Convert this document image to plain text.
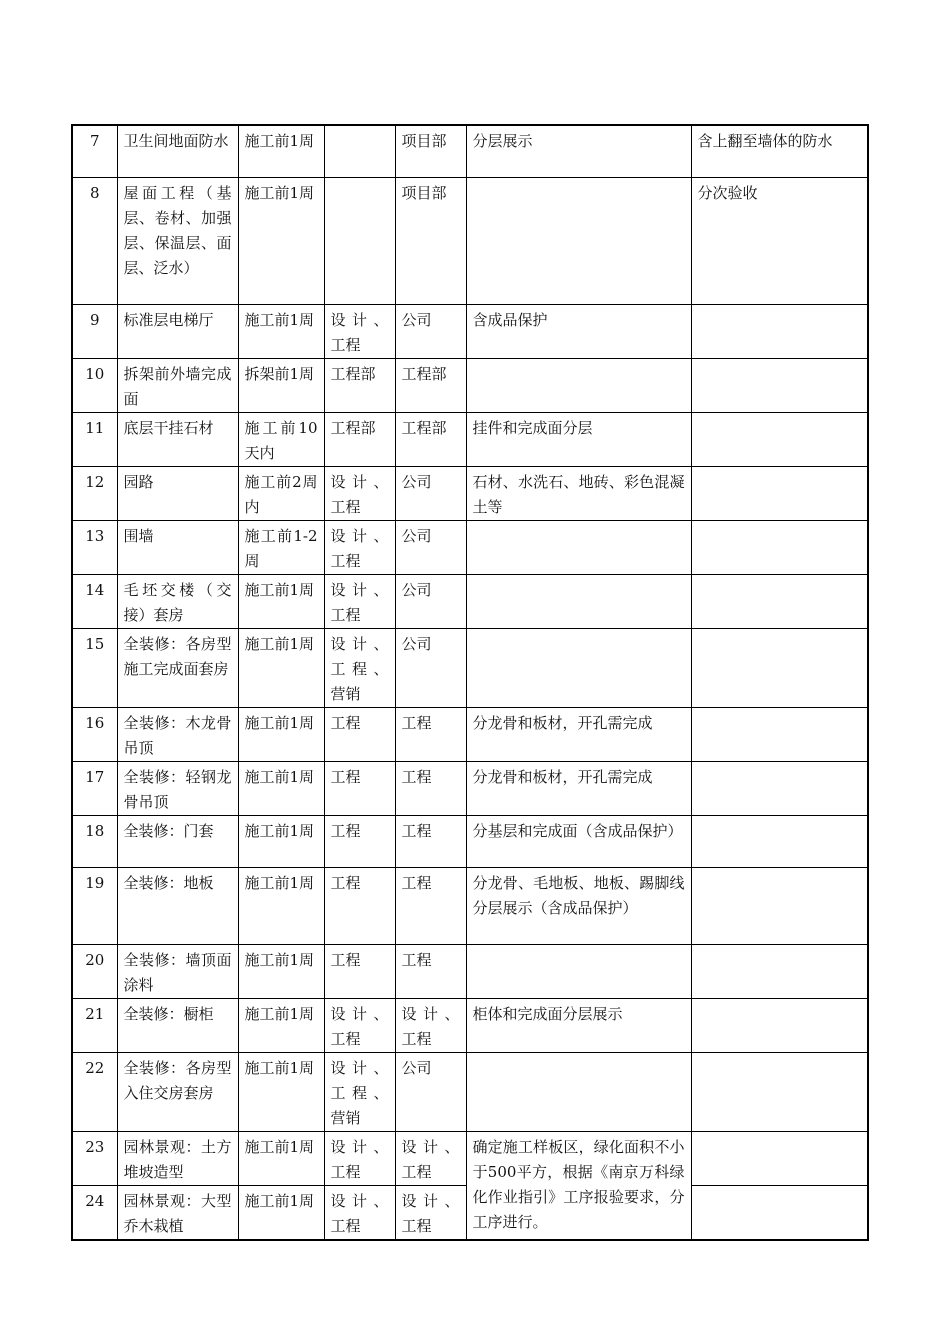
7	卫生间地面防水	施工前1周		项目部	分层展示	含上翻至墙体的防水
8	屋面工程（基层、卷材、加强层、保温层、面层、泛水）	施工前1周		项目部		分次验收
9	标准层电梯厅	施工前1周	设计、工程	公司	含成品保护	
10	拆架前外墙完成面	拆架前1周	工程部	工程部		
11	底层干挂石材	施工前10天内	工程部	工程部	挂件和完成面分层	
12	园路	施工前2周内	设计、工程	公司	石材、水洗石、地砖、彩色混凝土等	
13	围墙	施工前1-2周	设计、工程	公司		
14	毛坯交楼（交接）套房	施工前1周	设计、工程	公司		
15	全装修：各房型施工完成面套房	施工前1周	设计、工程、营销	公司		
16	全装修：木龙骨吊顶	施工前1周	工程	工程	分龙骨和板材，开孔需完成	
17	全装修：轻钢龙骨吊顶	施工前1周	工程	工程	分龙骨和板材，开孔需完成	
18	全装修：门套	施工前1周	工程	工程	分基层和完成面（含成品保护）	
19	全装修：地板	施工前1周	工程	工程	分龙骨、毛地板、地板、踢脚线分层展示（含成品保护）	
20	全装修：墙顶面涂料	施工前1周	工程	工程		
21	全装修：橱柜	施工前1周	设计、工程	设计、工程	柜体和完成面分层展示	
22	全装修：各房型入住交房套房	施工前1周	设计、工程、营销	公司		
23	园林景观：土方堆坡造型	施工前1周	设计、工程	设计、工程	确定施工样板区，绿化面积不小于500平方，根据《南京万科绿化作业指引》工序报验要求，分工序进行。	
24	园林景观：大型乔木栽植	施工前1周	设计、工程	设计、工程		
